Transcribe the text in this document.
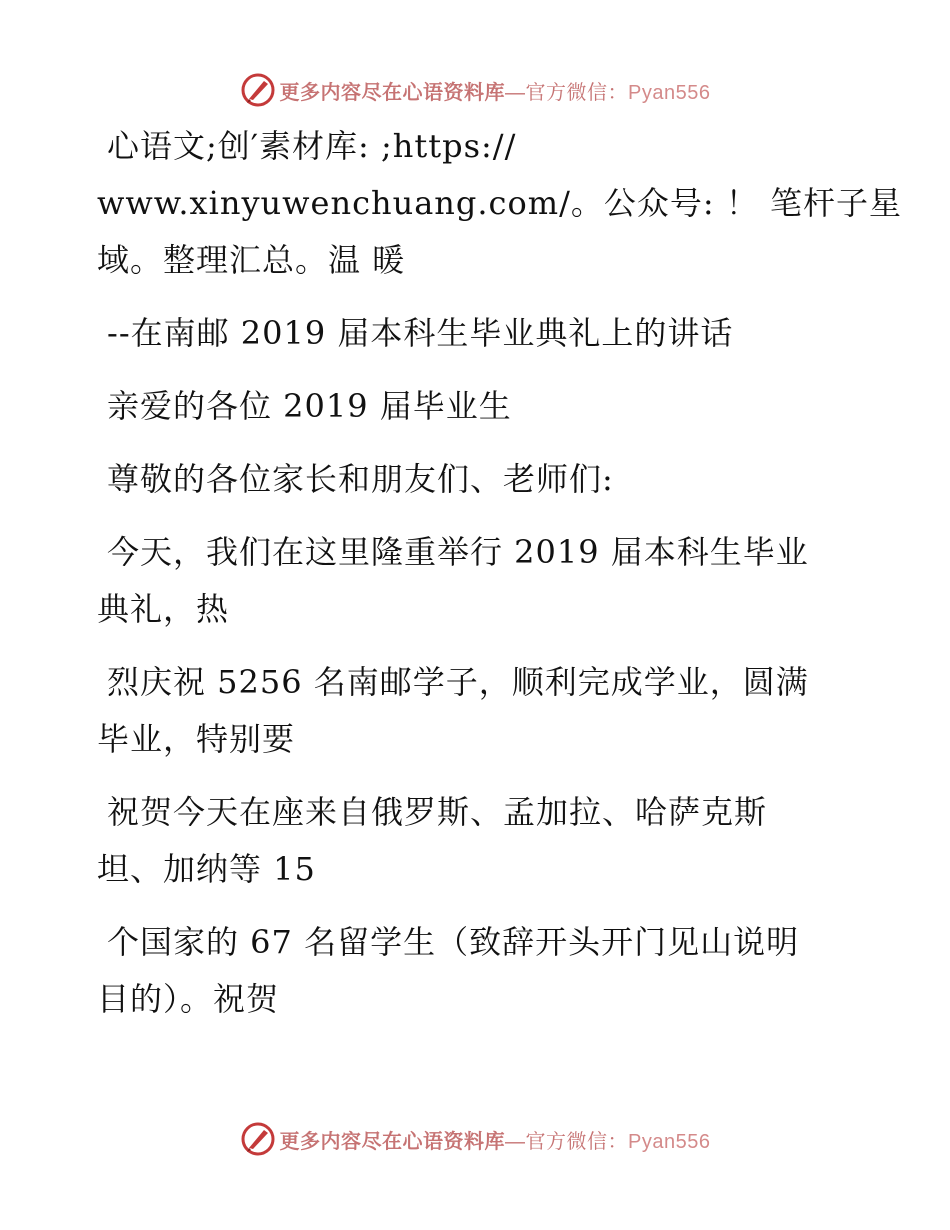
更多内容尽在心语资料库—官方微信：Pyan556
心语文;创′素材库: ;https://
www.xinyuwenchuang.com/。公众号: ！ 笔杆子星
域。整理汇总。温 暖
--在南邮 2019 届本科生毕业典礼上的讲话
亲爱的各位 2019 届毕业生
尊敬的各位家长和朋友们、老师们:
今天，我们在这里隆重举行 2019 届本科生毕业
典礼，热
烈庆祝 5256 名南邮学子，顺利完成学业，圆满
毕业，特别要
祝贺今天在座来自俄罗斯、孟加拉、哈萨克斯
坦、加纳等 15
个国家的 67 名留学生（致辞开头开门见山说明
目的）。祝贺
更多内容尽在心语资料库—官方微信：Pyan556
